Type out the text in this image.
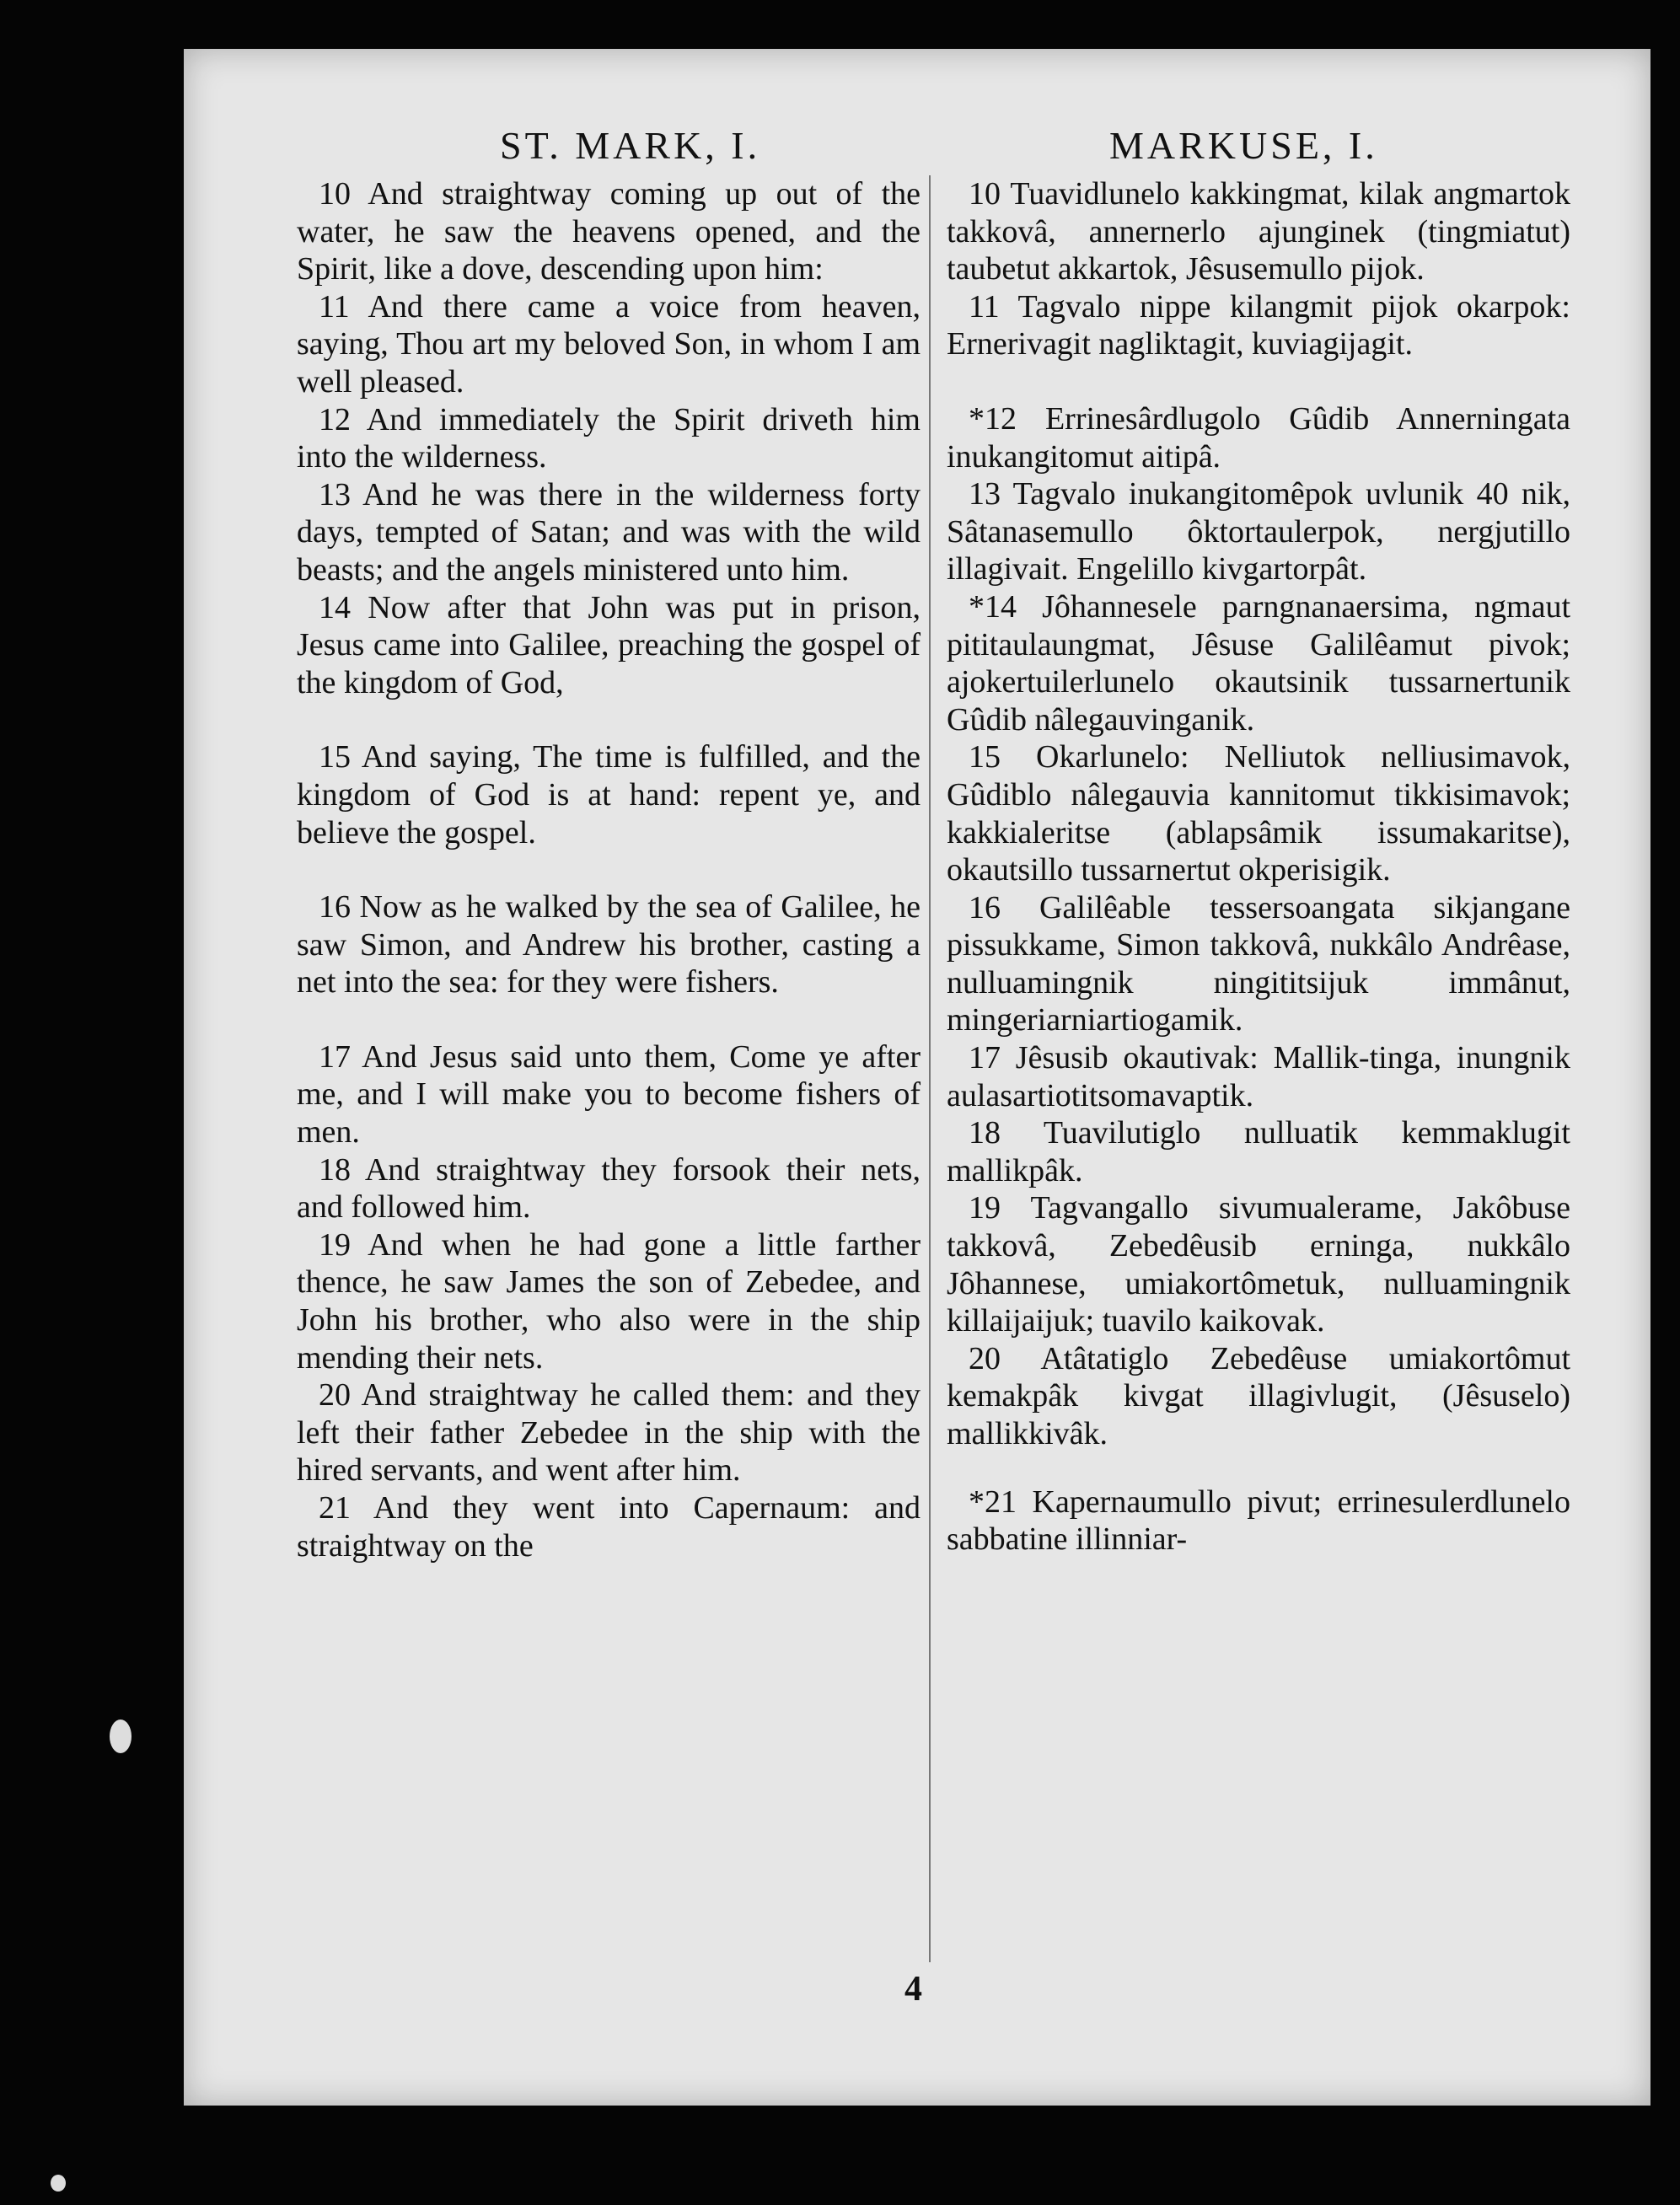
ST. MARK, I.	MARKUSE, I.

10 And straightway coming up out of the water, he saw the heavens opened, and the Spirit, like a dove, descending upon him:

11 And there came a voice from heaven, saying, Thou art my beloved Son, in whom I am well pleased.

12 And immediately the Spirit driveth him into the wilderness.

13 And he was there in the wilderness forty days, tempted of Satan; and was with the wild beasts; and the angels ministered unto him.

14 Now after that John was put in prison, Jesus came into Galilee, preaching the gospel of the kingdom of God,

15 And saying, The time is fulfilled, and the kingdom of God is at hand: repent ye, and believe the gospel.

16 Now as he walked by the sea of Galilee, he saw Simon, and Andrew his brother, casting a net into the sea: for they were fishers.

17 And Jesus said unto them, Come ye after me, and I will make you to become fishers of men.

18 And straightway they forsook their nets, and followed him.

19 And when he had gone a little farther thence, he saw James the son of Zebedee, and John his brother, who also were in the ship mending their nets.

20 And straightway he called them: and they left their father Zebedee in the ship with the hired servants, and went after him.

21 And they went into Capernaum: and straightway on the

10 Tuavidlunelo kakkingmat, kilak angmartok takkovâ, annernerlo ajunginek (tingmiatut) taubetut akkartok, Jêsusemullo pijok.

11 Tagvalo nippe kilangmit pijok okarpok: Ernerivagit nagliktagit, kuviagijagit.

*12 Errinesârdlugolo Gûdib Annerningata inukangitomut aitipâ.

13 Tagvalo inukangitomêpok uvlunik 40 nik, Sâtanasemullo ôktortaulerpok, nergjutillo illagivait. Engelillo kivgartorpât.

*14 Jôhannesele parngnanaersima, ngmaut pititaulaungmat, Jêsuse Galilêamut pivok; ajokertuilerlunelo okautsinik tussarnertunik Gûdib nâlegauvinganik.

15 Okarlunelo: Nelliutok nelliusimavok, Gûdiblo nâlegauvia kannitomut tikkisimavok; kakkialeritse (ablapsâmik issumakaritse), okautsillo tussarnertut okperisigik.

16 Galilêable tessersoangata sikjangane pissukkame, Simon takkovâ, nukkâlo Andrêase, nulluamingnik ningititsijuk immânut, mingeriarniartiogamik.

17 Jêsusib okautivak: Mallik-tinga, inungnik aulasartiotitsomavaptik.

18 Tuavilutiglo nulluatik kemmaklugit mallikpâk.

19 Tagvangallo sivumualerame, Jakôbuse takkovâ, Zebedêusib erninga, nukkâlo Jôhannese, umiakortômetuk, nulluamingnik killaijaijuk; tuavilo kaikovak.

20 Atâtatiglo Zebedêuse umiakortômut kemakpâk kivgat illagivlugit, (Jêsuselo) mallikkivâk.

*21 Kapernaumullo pivut; errinesulerdlunelo sabbatine illinniar-

4
